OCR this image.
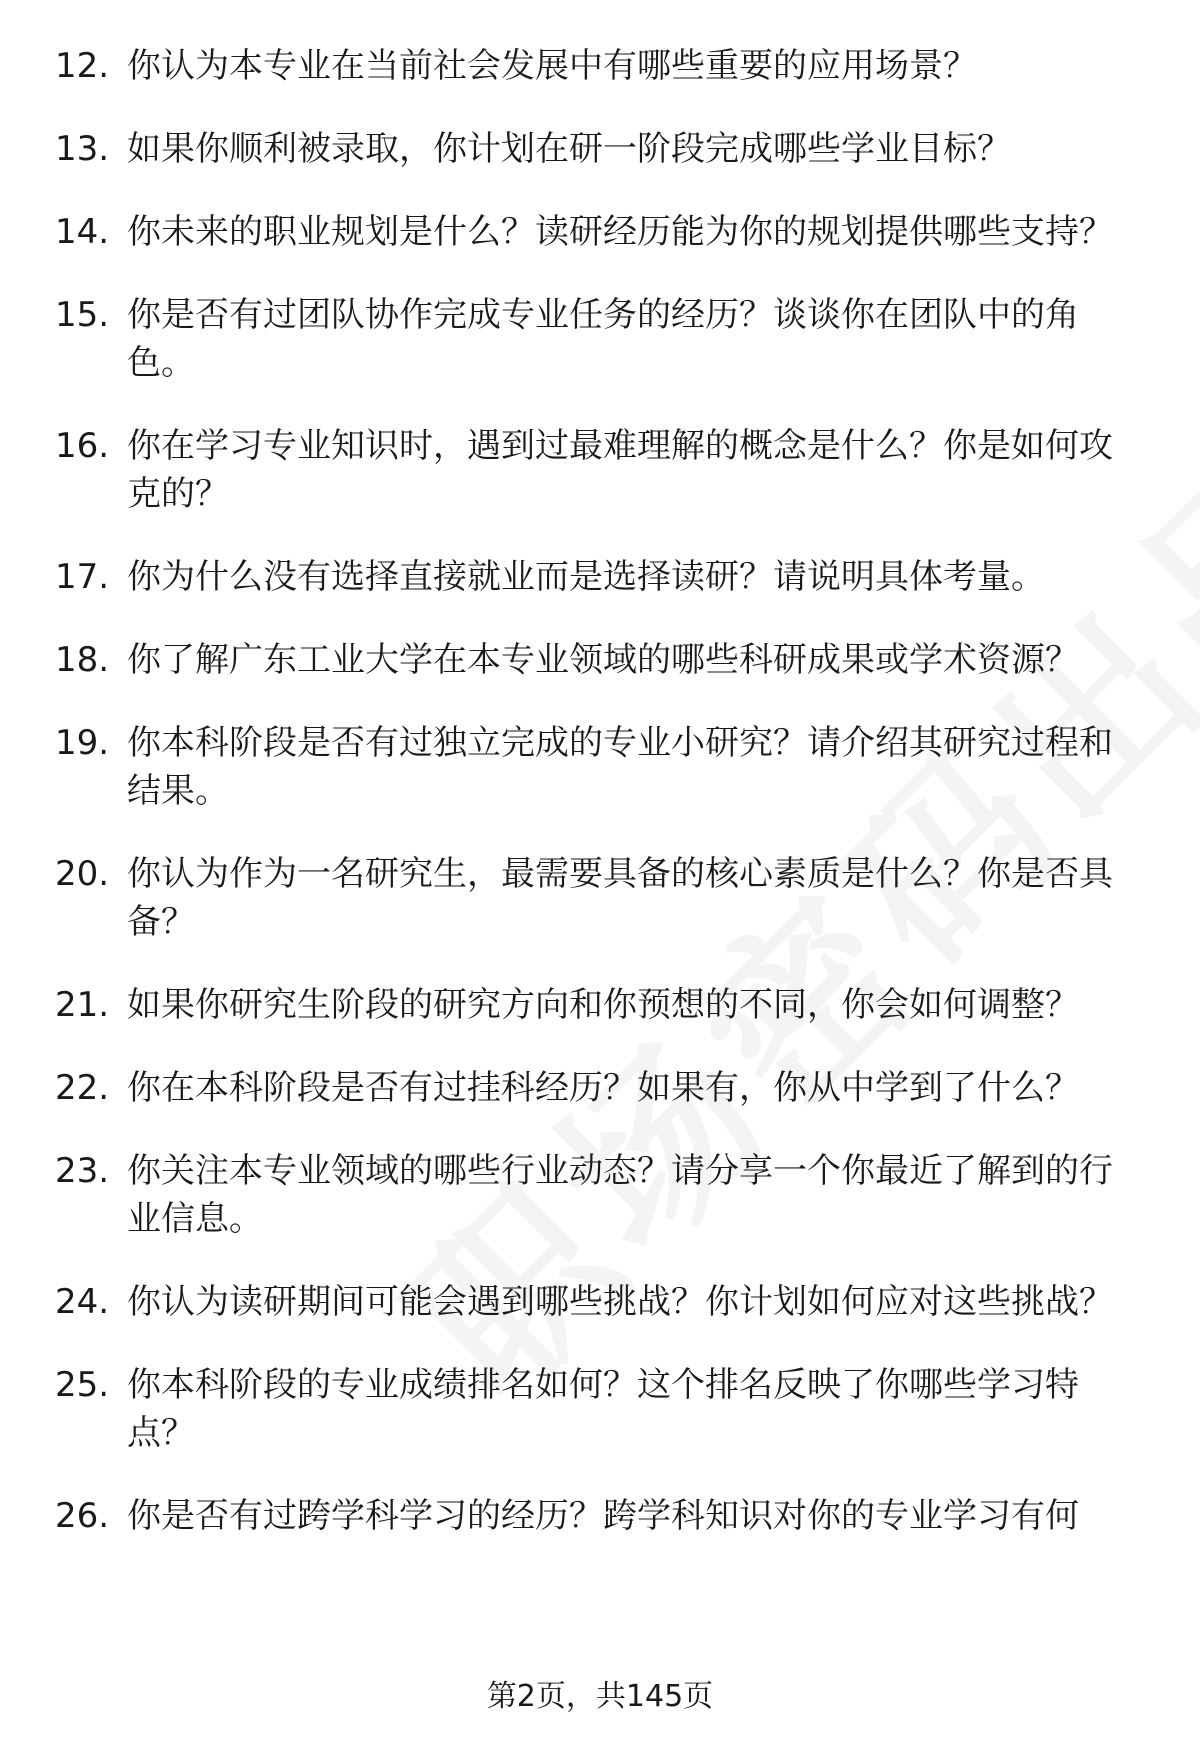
12. 你认为本专业在当前社会发展中有哪些重要的应用场景？
13. 如果你顺利被录取，你计划在研一阶段完成哪些学业目标？
14. 你未来的职业规划是什么？读研经历能为你的规划提供哪些支持？
15. 你是否有过团队协作完成专业任务的经历？谈谈你在团队中的角色。
16. 你在学习专业知识时，遇到过最难理解的概念是什么？你是如何攻克的？
17. 你为什么没有选择直接就业而是选择读研？请说明具体考量。
18. 你了解广东工业大学在本专业领域的哪些科研成果或学术资源？
19. 你本科阶段是否有过独立完成的专业小研究？请介绍其研究过程和结果。
20. 你认为作为一名研究生，最需要具备的核心素质是什么？你是否具备？
21. 如果你研究生阶段的研究方向和你预想的不同，你会如何调整？
22. 你在本科阶段是否有过挂科经历？如果有，你从中学到了什么？
23. 你关注本专业领域的哪些行业动态？请分享一个你最近了解到的行业信息。
24. 你认为读研期间可能会遇到哪些挑战？你计划如何应对这些挑战？
25. 你本科阶段的专业成绩排名如何？这个排名反映了你哪些学习特点？
26. 你是否有过跨学科学习的经历？跨学科知识对你的专业学习有何
第2页，共145页
